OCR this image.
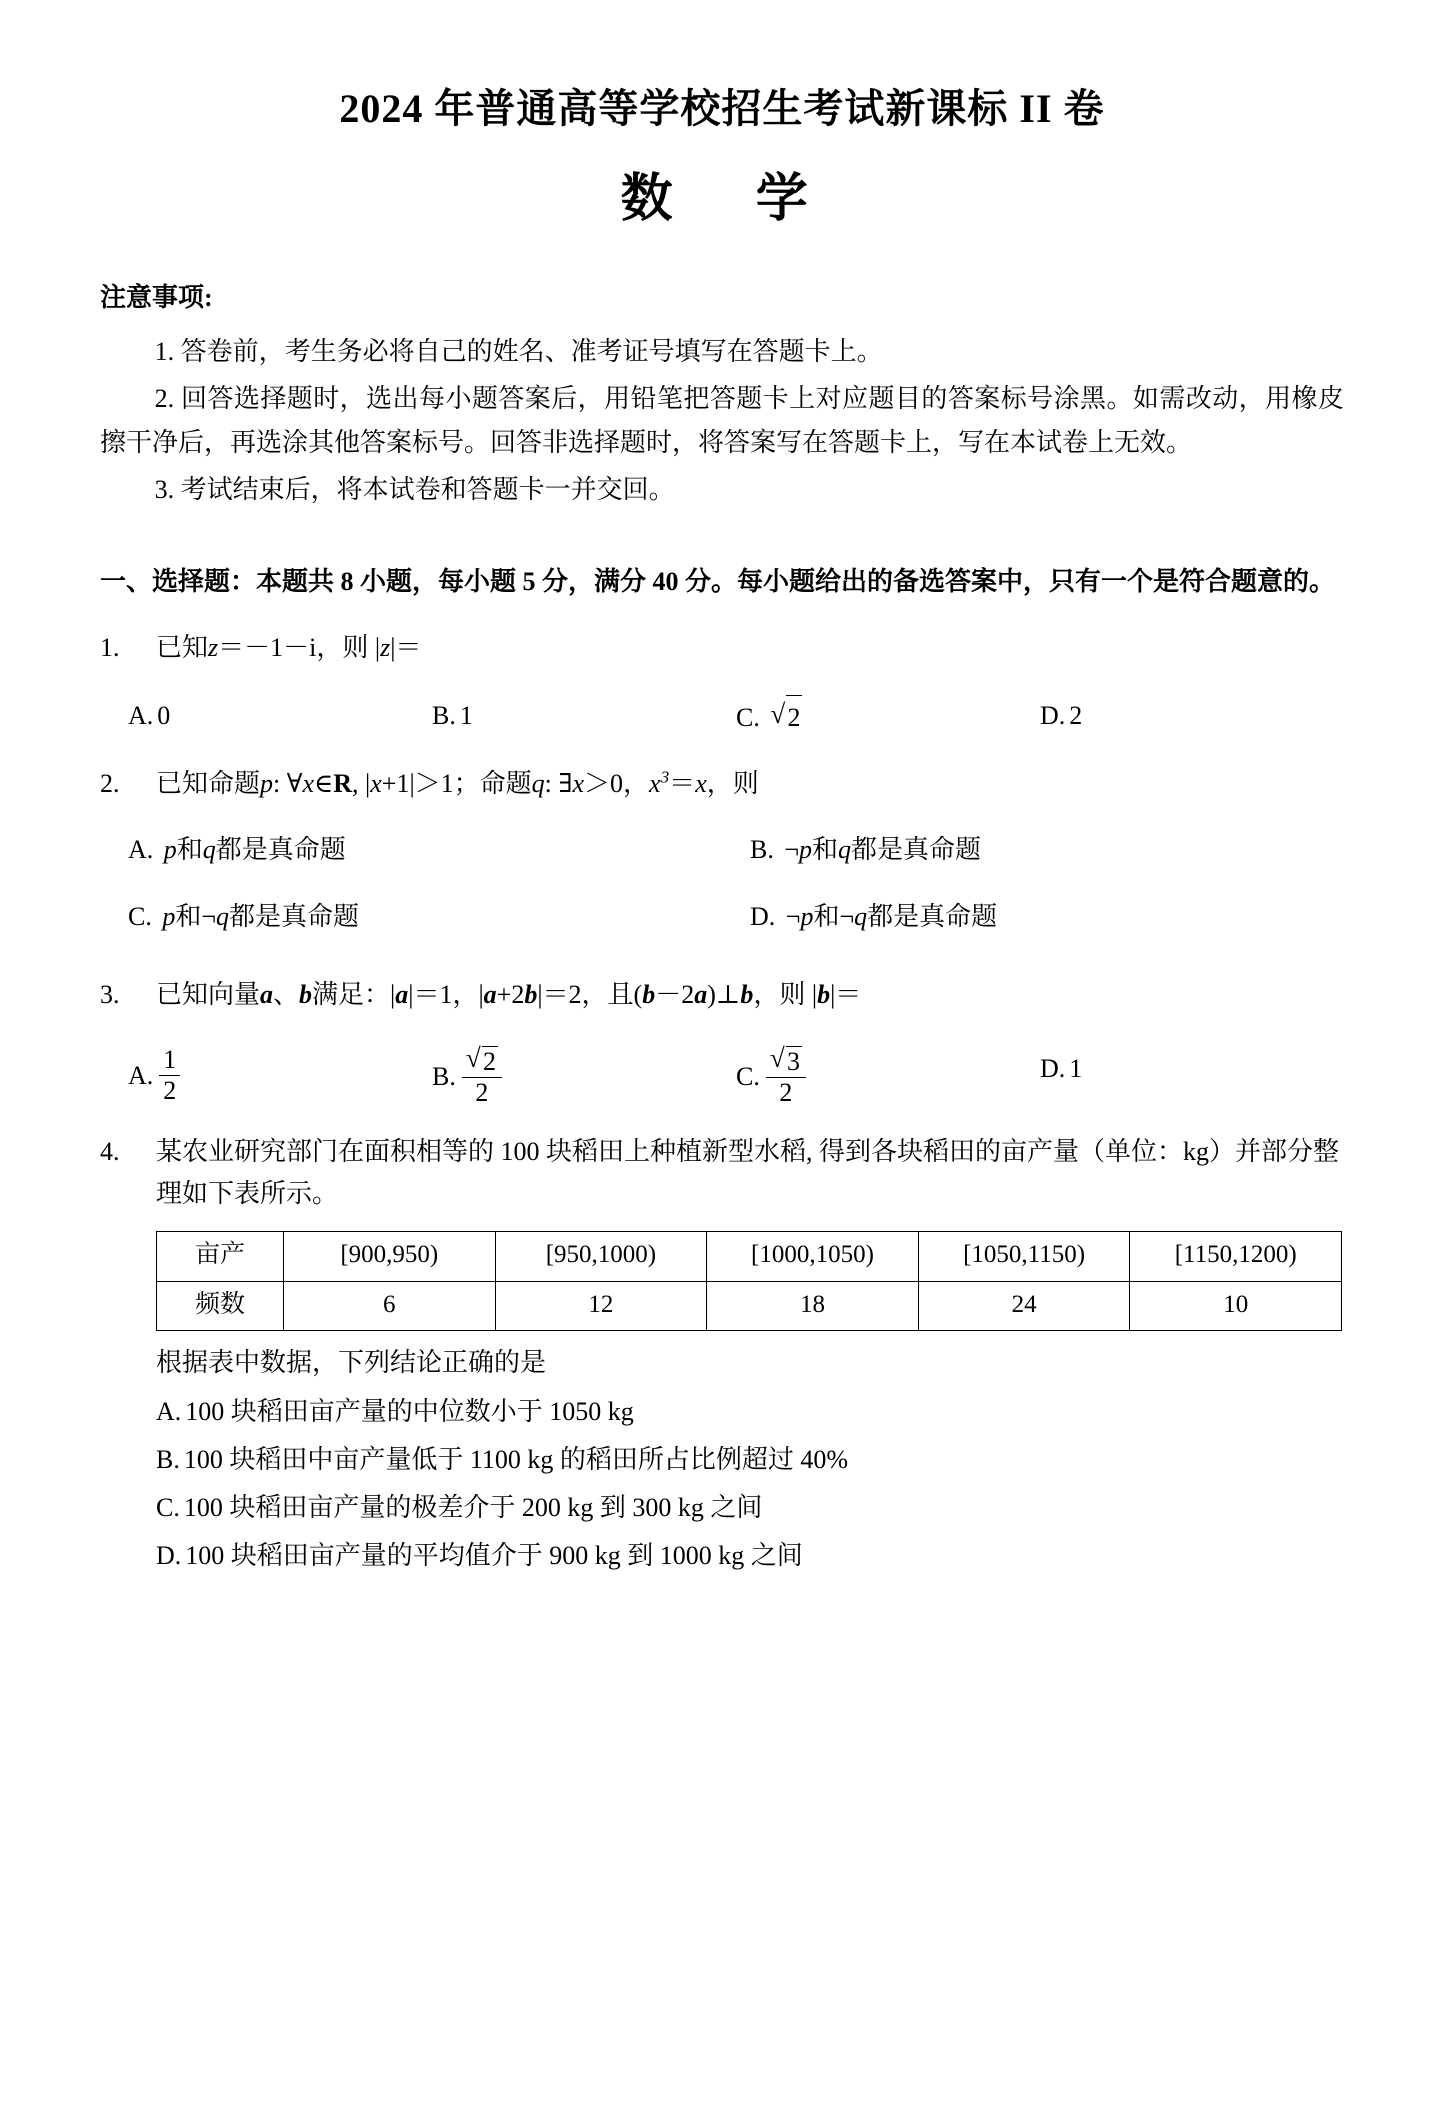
2024 年普通高等学校招生考试新课标 II 卷
数　学
注意事项:

1. 答卷前，考生务必将自己的姓名、准考证号填写在答题卡上。

2. 回答选择题时，选出每小题答案后，用铅笔把答题卡上对应题目的答案标号涂黑。如需改动，用橡皮擦干净后，再选涂其他答案标号。回答非选择题时，将答案写在答题卡上，写在本试卷上无效。

3. 考试结束后，将本试卷和答题卡一并交回。

一、选择题：本题共 8 小题，每小题 5 分，满分 40 分。每小题给出的备选答案中，只有一个是符合题意的。
1.	已知z＝－1－i，则 |z|＝
A. 0	B. 1	C. √ 2	D. 2
2.	已知命题p: ∀x∈R, |x+1|＞1；命题q: ∃x＞0，$x^3=x$，则
A. p和q都是真命题	B. ¬p和q都是真命题
C. p和¬q都是真命题	D. ¬p和¬q都是真命题
3.	已知向量a、b满足：|a|＝1，|a+2b|＝2，且(b－2a)⊥b，则 |b|＝
A. $\frac{1}{2}$	B. √ $\frac{2}{2}$	C. √ $\frac{3}{2}$	D. 1
4.	某农业研究部门在面积相等的 100 块稻田上种植新型水稻, 得到各块稻田的亩产量（单位：kg）并部分整理如下表所示。
亩产	[900,950)	[950,1000)	[1000,1050)	[1050,1150)	[1150,1200)
频数	6	12	18	24	10
根据表中数据，下列结论正确的是
A. 100 块稻田亩产量的中位数小于 1050 kg
B. 100 块稻田中亩产量低于 1100 kg 的稻田所占比例超过 40%
C. 100 块稻田亩产量的极差介于 200 kg 到 300 kg 之间
D. 100 块稻田亩产量的平均值介于 900 kg 到 1000 kg 之间
